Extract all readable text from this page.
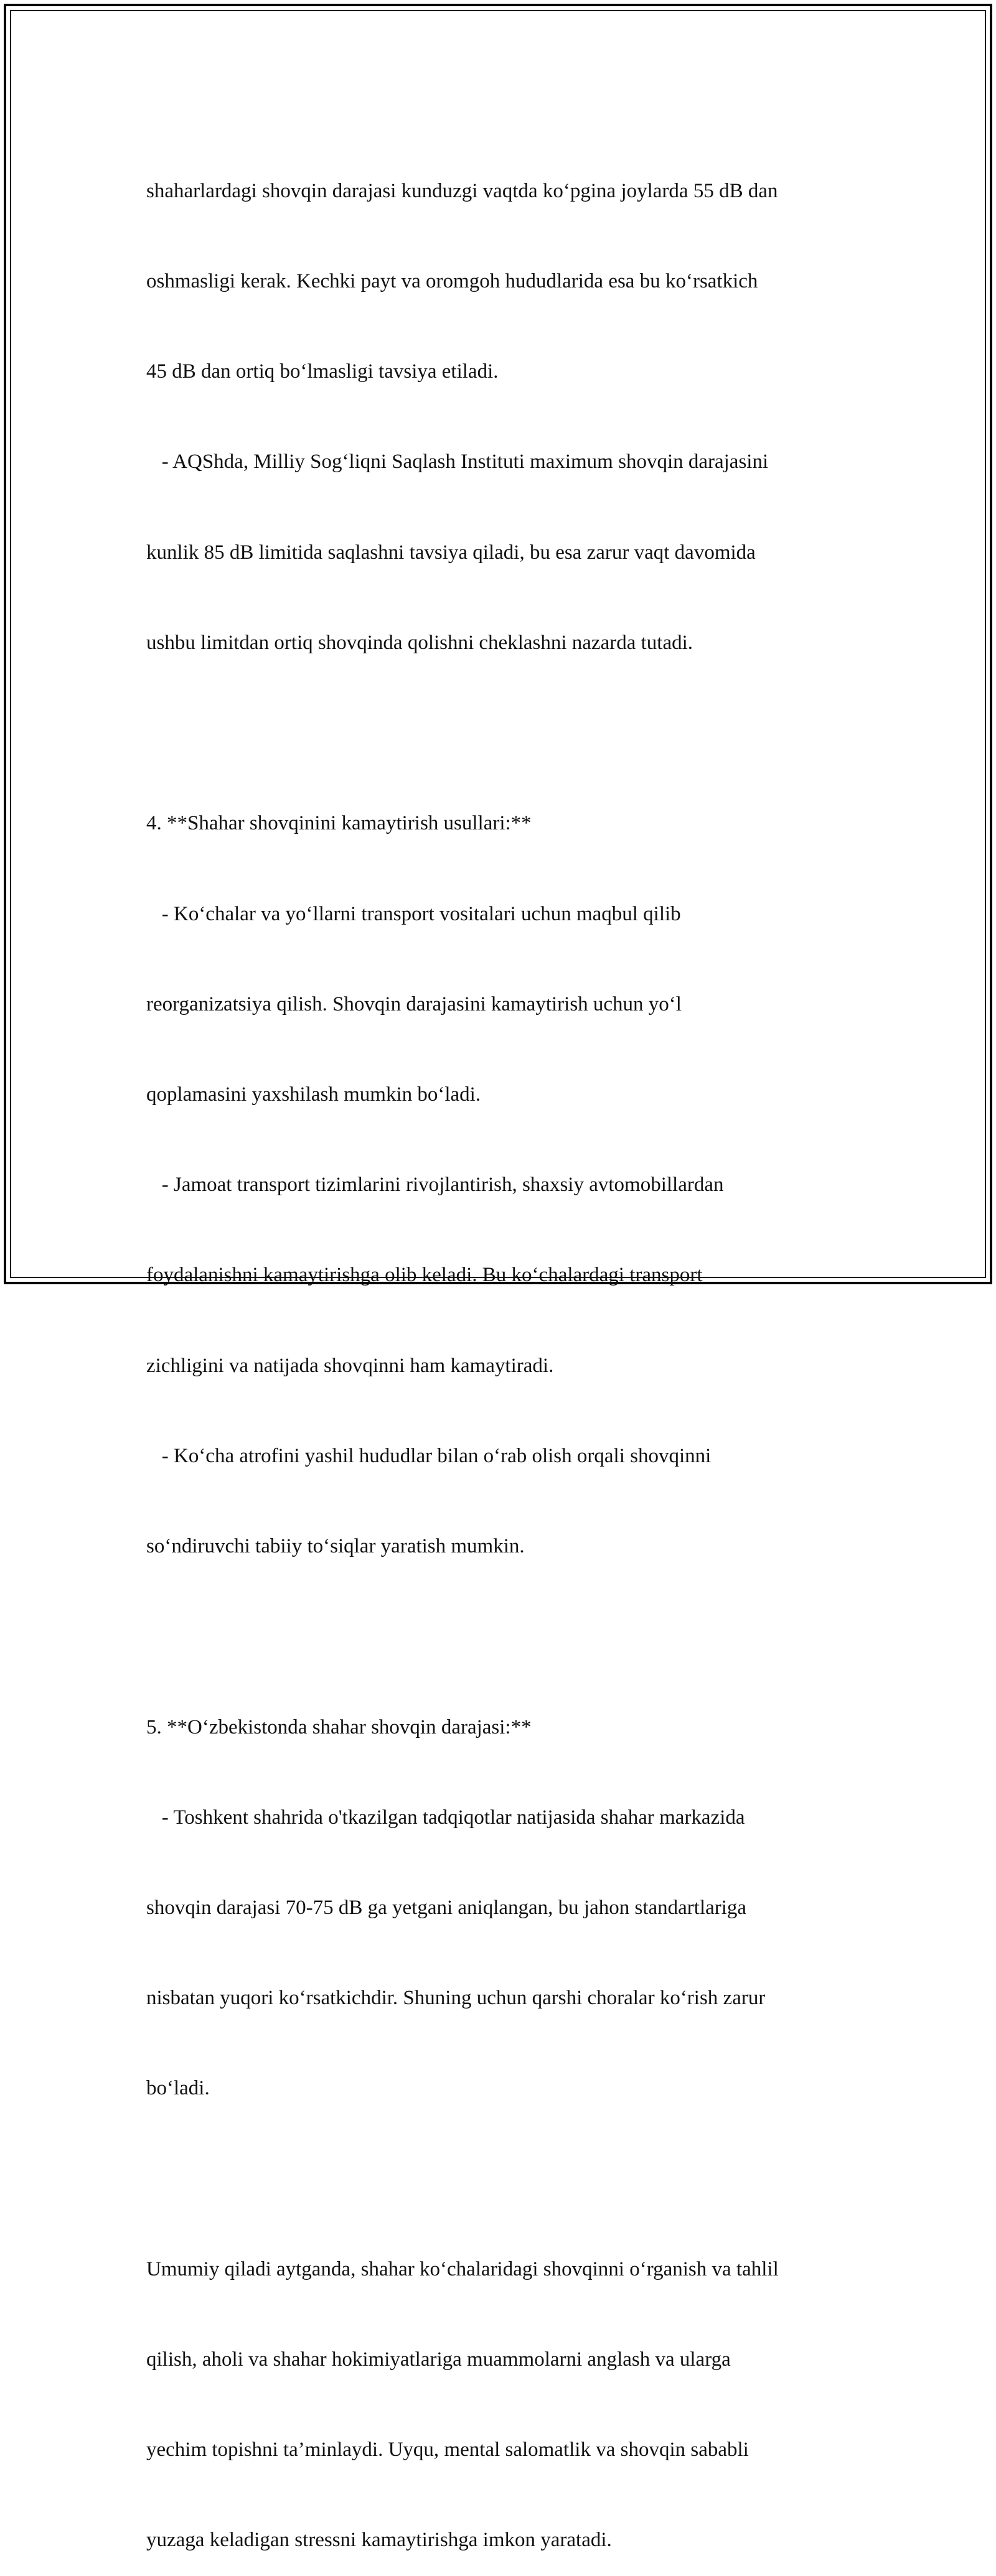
shaharlardagi shovqin darajasi kunduzgi vaqtda ko‘pgina joylarda 55 dB dan

oshmasligi kerak. Kechki payt va oromgoh hududlarida esa bu ko‘rsatkich

45 dB dan ortiq bo‘lmasligi tavsiya etiladi.

- AQShda, Milliy Sog‘liqni Saqlash Instituti maximum shovqin darajasini

kunlik 85 dB limitida saqlashni tavsiya qiladi, bu esa zarur vaqt davomida

ushbu limitdan ortiq shovqinda qolishni cheklashni nazarda tutadi.

4. **Shahar shovqinini kamaytirish usullari:**

- Ko‘chalar va yo‘llarni transport vositalari uchun maqbul qilib

reorganizatsiya qilish. Shovqin darajasini kamaytirish uchun yo‘l

qoplamasini yaxshilash mumkin bo‘ladi.

- Jamoat transport tizimlarini rivojlantirish, shaxsiy avtomobillardan

foydalanishni kamaytirishga olib keladi. Bu ko‘chalardagi transport

zichligini va natijada shovqinni ham kamaytiradi.

- Ko‘cha atrofini yashil hududlar bilan o‘rab olish orqali shovqinni

so‘ndiruvchi tabiiy to‘siqlar yaratish mumkin.

5. **O‘zbekistonda shahar shovqin darajasi:**

- Toshkent shahrida o'tkazilgan tadqiqotlar natijasida shahar markazida

shovqin darajasi 70-75 dB ga yetgani aniqlangan, bu jahon standartlariga

nisbatan yuqori ko‘rsatkichdir. Shuning uchun qarshi choralar ko‘rish zarur

bo‘ladi.

Umumiy qiladi aytganda, shahar ko‘chalaridagi shovqinni o‘rganish va tahlil

qilish, aholi va shahar hokimiyatlariga muammolarni anglash va ularga

yechim topishni ta’minlaydi. Uyqu, mental salomatlik va shovqin sababli

yuzaga keladigan stressni kamaytirishga imkon yaratadi.
